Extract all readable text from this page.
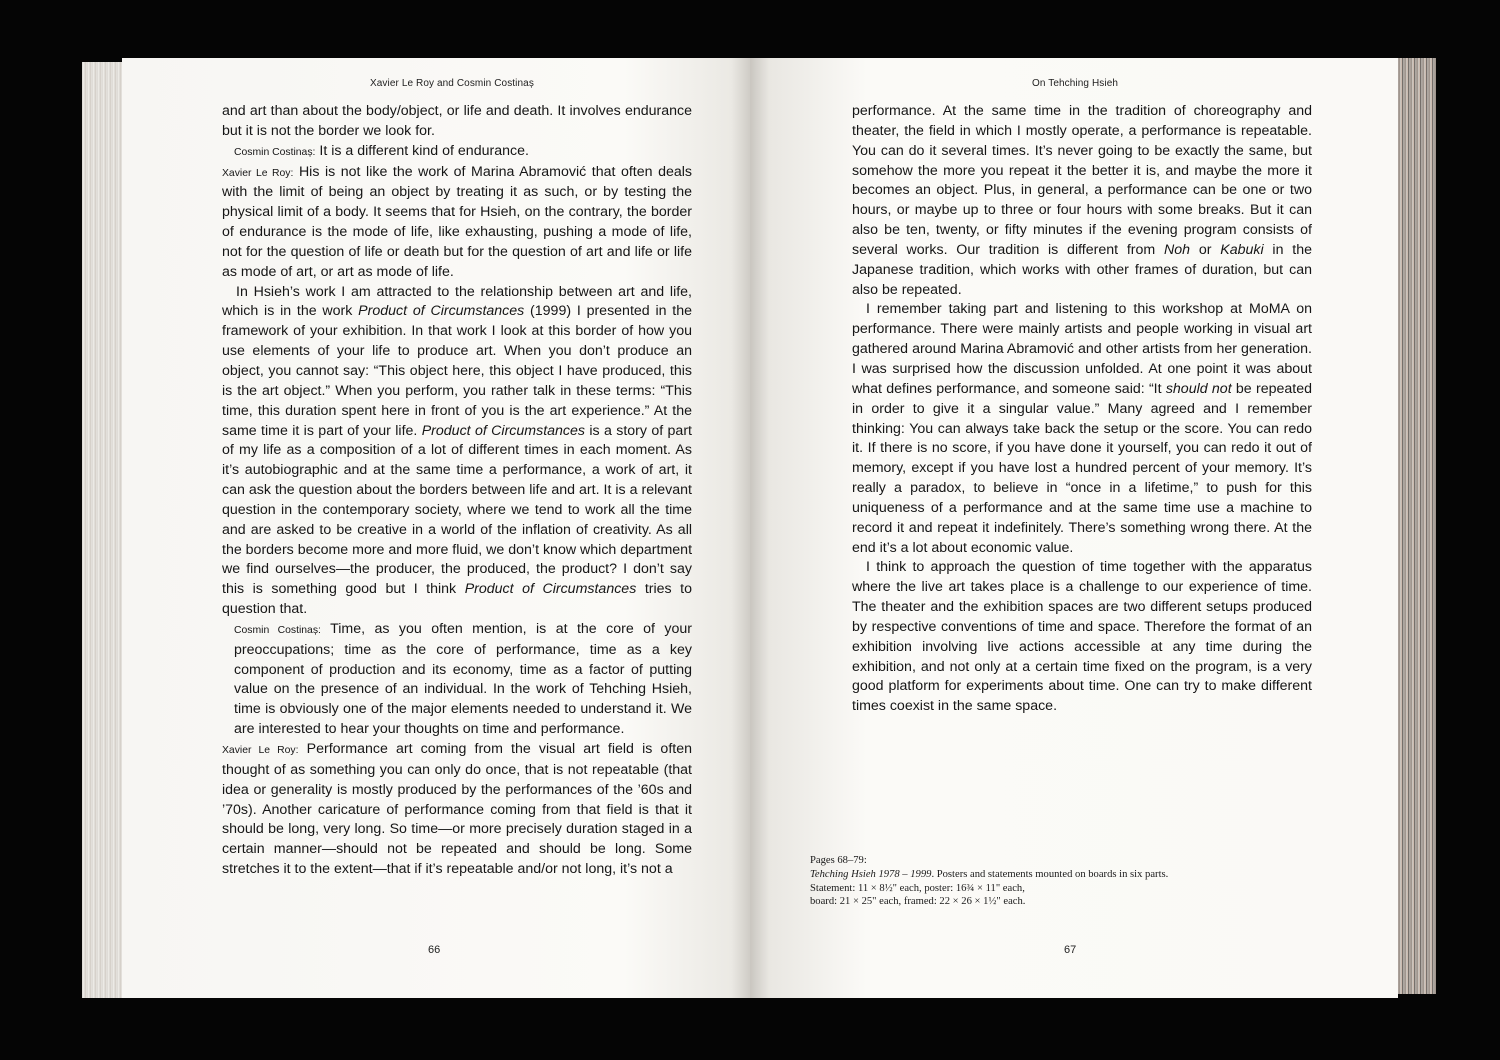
Xavier Le Roy and Cosmin Costinaș

and art than about the body/object, or life and death. It involves endurance but it is not the border we look for.

Cosmin Costinaș: It is a different kind of endurance.

Xavier Le Roy: His is not like the work of Marina Abramović that often deals with the limit of being an object by treating it as such, or by testing the physical limit of a body. It seems that for Hsieh, on the contrary, the border of endurance is the mode of life, like exhausting, pushing a mode of life, not for the question of life or death but for the question of art and life or life as mode of art, or art as mode of life.

In Hsieh’s work I am attracted to the relationship between art and life, which is in the work Product of Circumstances (1999) I presented in the framework of your exhibition. In that work I look at this border of how you use elements of your life to produce art. When you don’t produce an object, you cannot say: “This object here, this object I have produced, this is the art object.” When you perform, you rather talk in these terms: “This time, this duration spent here in front of you is the art experience.” At the same time it is part of your life. Product of Circumstances is a story of part of my life as a composition of a lot of different times in each moment. As it’s autobiographic and at the same time a performance, a work of art, it can ask the question about the borders between life and art. It is a relevant question in the contemporary society, where we tend to work all the time and are asked to be creative in a world of the inflation of creativity. As all the borders become more and more fluid, we don’t know which department we find ourselves—the producer, the produced, the product? I don’t say this is something good but I think Product of Circumstances tries to question that.

Cosmin Costinaș: Time, as you often mention, is at the core of your preoccupations; time as the core of performance, time as a key component of production and its economy, time as a factor of putting value on the presence of an individual. In the work of Tehching Hsieh, time is obviously one of the major elements needed to understand it. We are interested to hear your thoughts on time and performance.

Xavier Le Roy: Performance art coming from the visual art field is often thought of as something you can only do once, that is not repeatable (that idea or generality is mostly produced by the performances of the ’60s and ’70s). Another caricature of performance coming from that field is that it should be long, very long. So time—or more precisely duration staged in a certain manner—should not be repeated and should be long. Some stretches it to the extent—that if it’s repeatable and/or not long, it’s not a

66
On Tehching Hsieh

performance. At the same time in the tradition of choreography and theater, the field in which I mostly operate, a performance is repeatable. You can do it several times. It’s never going to be exactly the same, but somehow the more you repeat it the better it is, and maybe the more it becomes an object. Plus, in general, a performance can be one or two hours, or maybe up to three or four hours with some breaks. But it can also be ten, twenty, or fifty minutes if the evening program consists of several works. Our tradition is different from Noh or Kabuki in the Japanese tradition, which works with other frames of duration, but can also be repeated.

I remember taking part and listening to this workshop at MoMA on performance. There were mainly artists and people working in visual art gathered around Marina Abramović and other artists from her generation. I was surprised how the discussion unfolded. At one point it was about what defines performance, and someone said: “It should not be repeated in order to give it a singular value.” Many agreed and I remember thinking: You can always take back the setup or the score. You can redo it. If there is no score, if you have done it yourself, you can redo it out of memory, except if you have lost a hundred percent of your memory. It’s really a paradox, to believe in “once in a lifetime,” to push for this uniqueness of a performance and at the same time use a machine to record it and repeat it indefinitely. There’s something wrong there. At the end it’s a lot about economic value.

I think to approach the question of time together with the apparatus where the live art takes place is a challenge to our experience of time. The theater and the exhibition spaces are two different setups produced by respective conventions of time and space. Therefore the format of an exhibition involving live actions accessible at any time during the exhibition, and not only at a certain time fixed on the program, is a very good platform for experiments about time. One can try to make different times coexist in the same space.

Pages 68–79:
Tehching Hsieh 1978 – 1999. Posters and statements mounted on boards in six parts.
Statement: 11 × 8½" each, poster: 16¾ × 11" each,
board: 21 × 25" each, framed: 22 × 26 × 1½" each.
67
